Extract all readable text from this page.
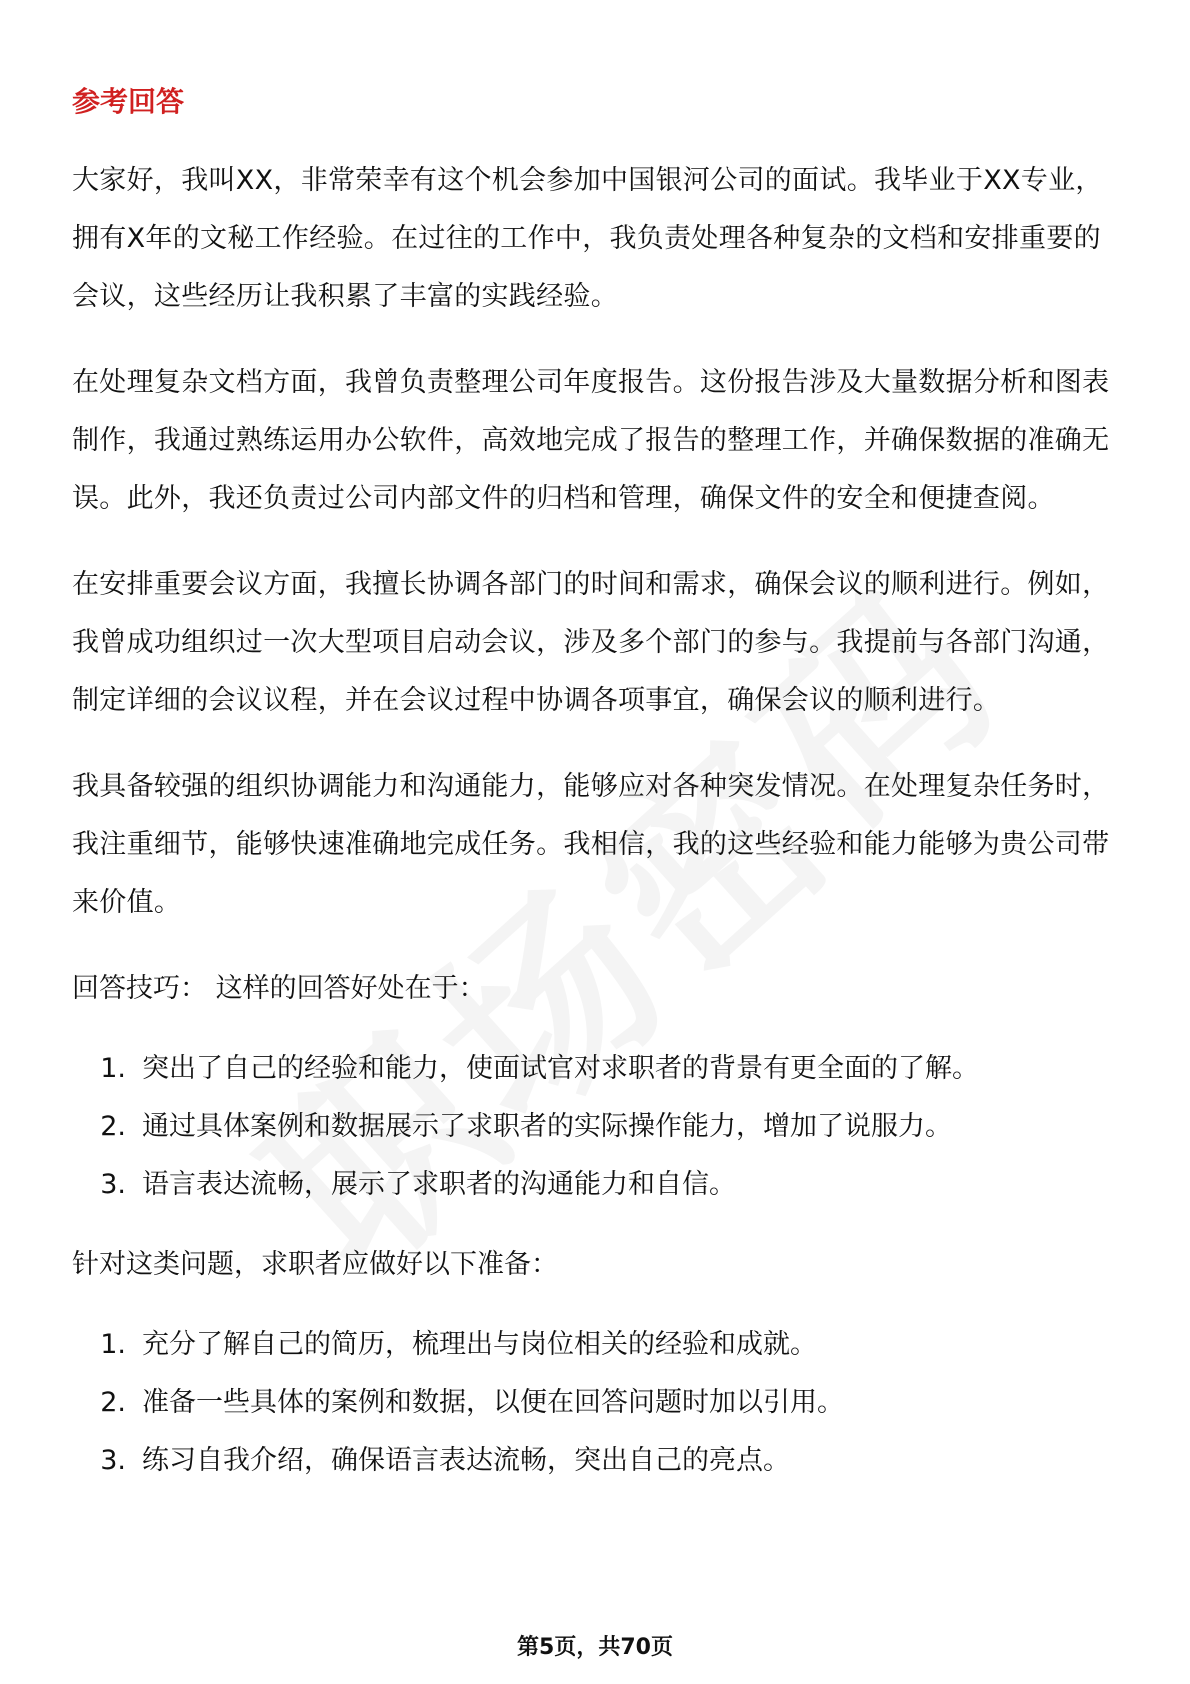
参考回答

大家好，我叫XX，非常荣幸有这个机会参加中国银河公司的面试。我毕业于XX专业，拥有X年的文秘工作经验。在过往的工作中，我负责处理各种复杂的文档和安排重要的会议，这些经历让我积累了丰富的实践经验。

在处理复杂文档方面，我曾负责整理公司年度报告。这份报告涉及大量数据分析和图表制作，我通过熟练运用办公软件，高效地完成了报告的整理工作，并确保数据的准确无误。此外，我还负责过公司内部文件的归档和管理，确保文件的安全和便捷查阅。

在安排重要会议方面，我擅长协调各部门的时间和需求，确保会议的顺利进行。例如，我曾成功组织过一次大型项目启动会议，涉及多个部门的参与。我提前与各部门沟通，制定详细的会议议程，并在会议过程中协调各项事宜，确保会议的顺利进行。

我具备较强的组织协调能力和沟通能力，能够应对各种突发情况。在处理复杂任务时，我注重细节，能够快速准确地完成任务。我相信，我的这些经验和能力能够为贵公司带来价值。

回答技巧： 这样的回答好处在于：
1. 突出了自己的经验和能力，使面试官对求职者的背景有更全面的了解。
2. 通过具体案例和数据展示了求职者的实际操作能力，增加了说服力。
3. 语言表达流畅，展示了求职者的沟通能力和自信。
针对这类问题，求职者应做好以下准备：
1. 充分了解自己的简历，梳理出与岗位相关的经验和成就。
2. 准备一些具体的案例和数据，以便在回答问题时加以引用。
3. 练习自我介绍，确保语言表达流畅，突出自己的亮点。
第5页，共70页
